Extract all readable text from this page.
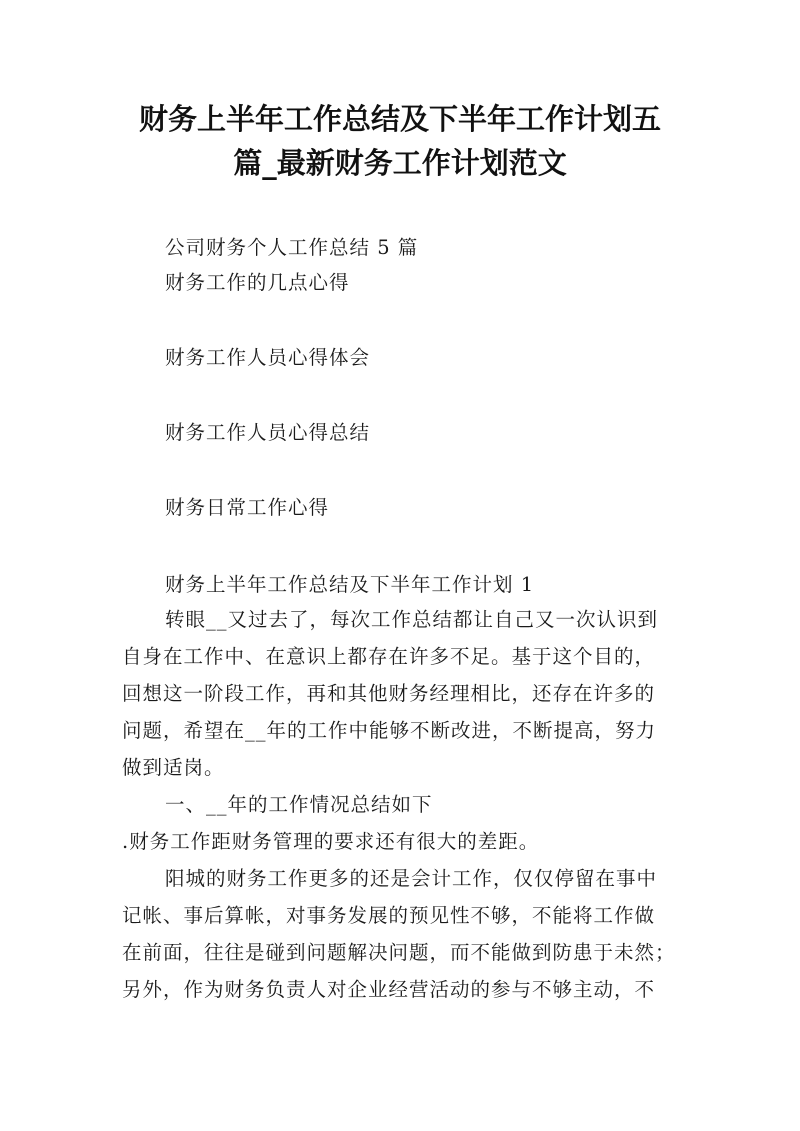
财务上半年工作总结及下半年工作计划五
篇_最新财务工作计划范文

公司财务个人工作总结 5 篇

财务工作的几点心得

财务工作人员心得体会

财务工作人员心得总结

财务日常工作心得

财务上半年工作总结及下半年工作计划 1

转眼__又过去了，每次工作总结都让自己又一次认识到

自身在工作中、在意识上都存在许多不足。基于这个目的，

回想这一阶段工作，再和其他财务经理相比，还存在许多的

问题，希望在__年的工作中能够不断改进，不断提高，努力

做到适岗。

一、__年的工作情况总结如下

.财务工作距财务管理的要求还有很大的差距。

阳城的财务工作更多的还是会计工作，仅仅停留在事中

记帐、事后算帐，对事务发展的预见性不够，不能将工作做

在前面，往往是碰到问题解决问题，而不能做到防患于未然；

另外，作为财务负责人对企业经营活动的参与不够主动，不
